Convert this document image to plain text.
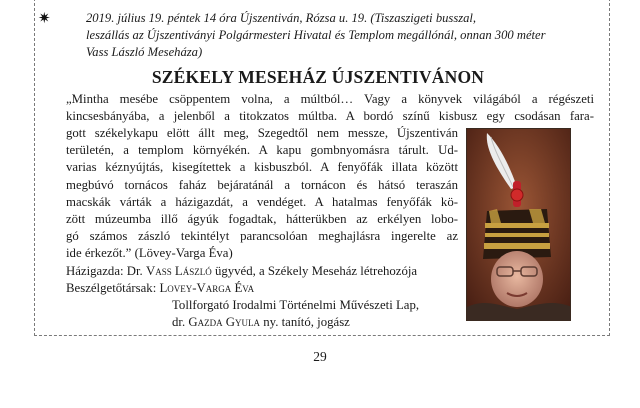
✷	2019. július 19. péntek 14 óra Újszentiván, Rózsa u. 19. (Tiszaszigeti busszal,
leszállás az Újszentiványi Polgármesteri Hivatal és Templom megállónál, onnan 300 méter
Vass László Meseháza)
SZÉKELY MESEHÁZ ÚJSZENTIVÁNON
„Mintha mesébe csöppentem volna, a múltból… Vagy a könyvek világából a régészeti
kincsesbányába, a jelenből a titokzatos múltba. A bordó színű kisbusz egy csodásan fara-
gott székelykapu elött állt meg, Szegedtől nem messze, Újszentiván
területén, a templom környékén. A kapu gombnyomásra tárult. Ud-
varias kéznyújtás, kisegítettek a kisbuszból. A fenyőfák illata között
megbúvó tornácos faház bejáratánál a tornácon és hátsó teraszán
macskák várták a házigazdát, a vendéget. A hatalmas fenyőfák kö-
zött múzeumba illő ágyúk fogadtak, hátterükben az erkélyen lobo-
gó számos zászló tekintélyt parancsolóan meghajlásra ingerelte az
ide érkezőt.” (Lövey-Varga Éva)
Házigazda: Dr. Vass László ügyvéd, a Székely Meseház létrehozója
Beszélgetőtársak: Lovey-Varga Éva
Tollforgató Irodalmi Történelmi Művészeti Lap,
dr. Gazda Gyula ny. tanító, jogász
29
